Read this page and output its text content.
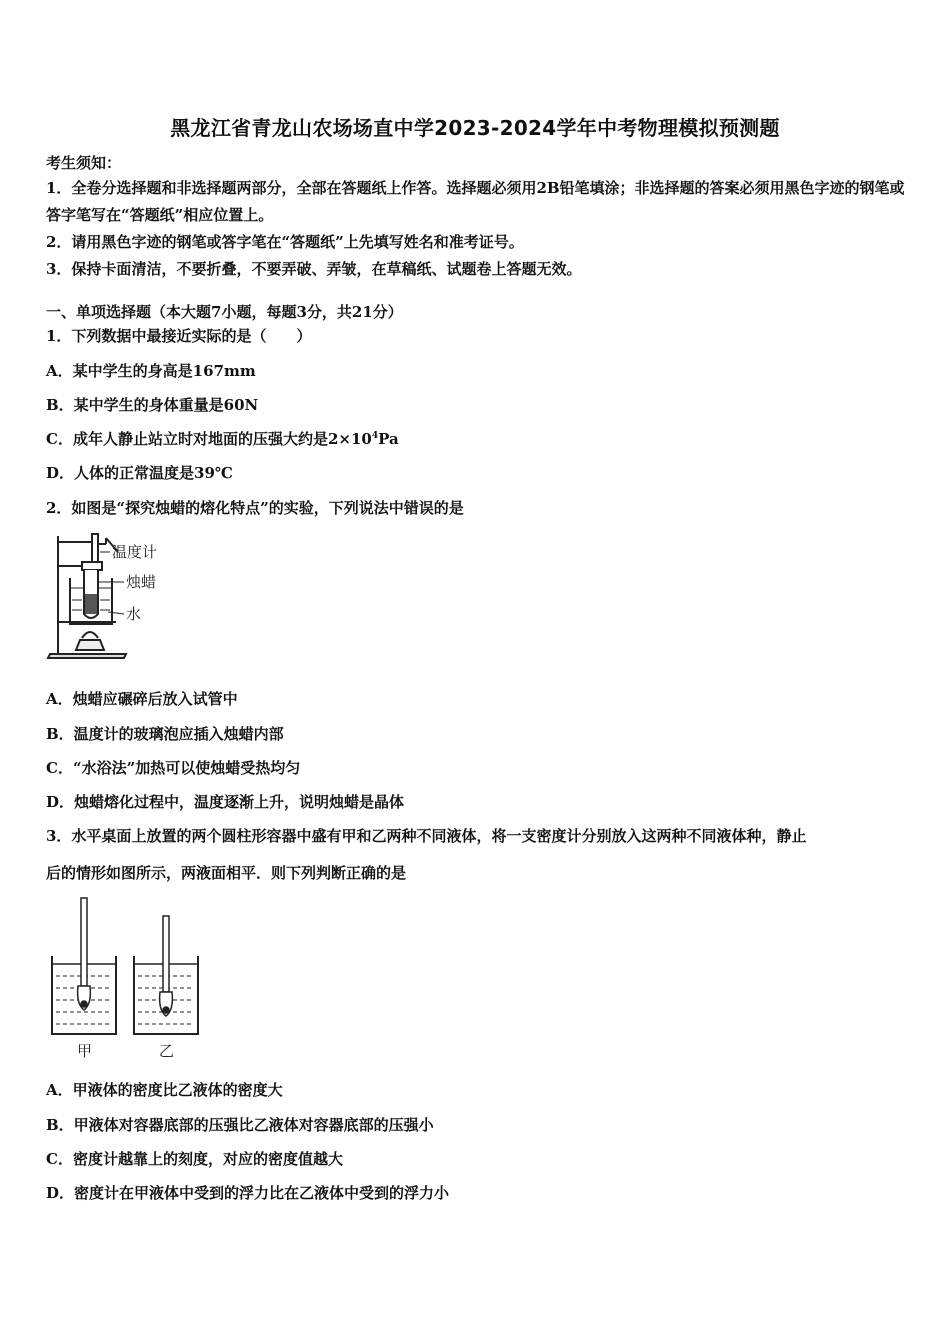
黑龙江省青龙山农场场直中学2023-2024学年中考物理模拟预测题
考生须知：
1．全卷分选择题和非选择题两部分，全部在答题纸上作答。选择题必须用2B铅笔填涂；非选择题的答案必须用黑色字迹的钢笔或答字笔写在“答题纸”相应位置上。
2．请用黑色字迹的钢笔或答字笔在“答题纸”上先填写姓名和准考证号。
3．保持卡面清洁，不要折叠，不要弄破、弄皱，在草稿纸、试题卷上答题无效。
一、单项选择题（本大题7小题，每题3分，共21分）
1．下列数据中最接近实际的是（　　）
A．某中学生的身高是167mm
B．某中学生的身体重量是60N
C．成年人静止站立时对地面的压强大约是$2\times 10^4Pa$
D．人体的正常温度是39℃
2．如图是“探究烛蜡的熔化特点”的实验，下列说法中错误的是
温度计
烛蜡
水
A．烛蜡应碾碎后放入试管中
B．温度计的玻璃泡应插入烛蜡内部
C．“水浴法”加热可以使烛蜡受热均匀
D．烛蜡熔化过程中，温度逐渐上升，说明烛蜡是晶体
3．水平桌面上放置的两个圆柱形容器中盛有甲和乙两种不同液体，将一支密度计分别放入这两种不同液体种，静止
后的情形如图所示，两液面相平．则下列判断正确的是
甲	乙
A．甲液体的密度比乙液体的密度大
B．甲液体对容器底部的压强比乙液体对容器底部的压强小
C．密度计越靠上的刻度，对应的密度值越大
D．密度计在甲液体中受到的浮力比在乙液体中受到的浮力小
